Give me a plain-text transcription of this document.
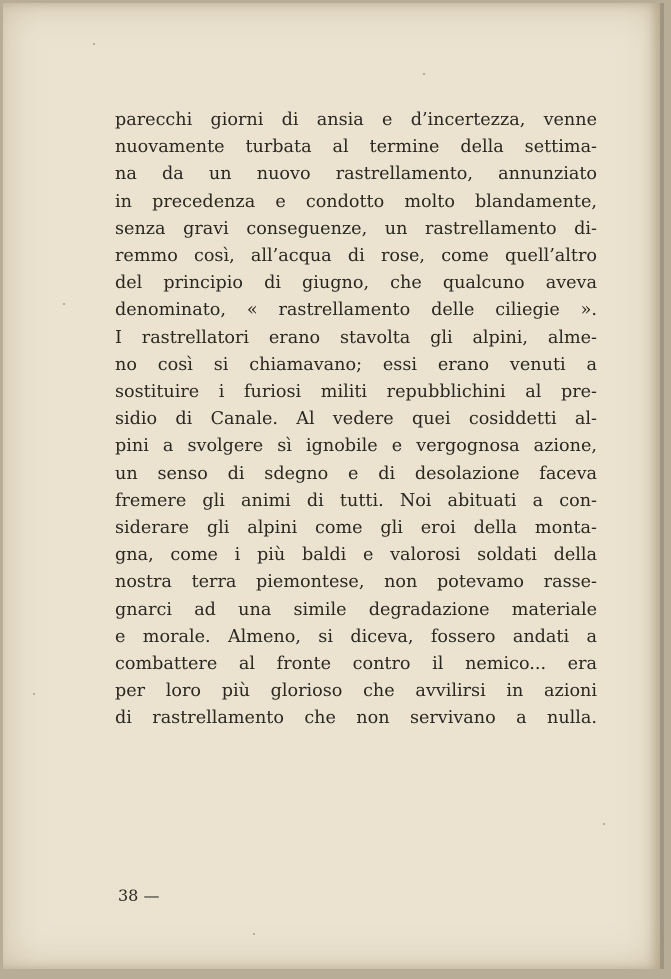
parecchi giorni di ansia e d’incertezza, venne
nuovamente turbata al termine della settima-
na da un nuovo rastrellamento, annunziato
in precedenza e condotto molto blandamente,
senza gravi conseguenze, un rastrellamento di-
remmo così, all’acqua di rose, come quell’altro
del principio di giugno, che qualcuno aveva
denominato, « rastrellamento delle ciliegie ».
I rastrellatori erano stavolta gli alpini, alme-
no così si chiamavano; essi erano venuti a
sostituire i furiosi militi repubblichini al pre-
sidio di Canale. Al vedere quei cosiddetti al-
pini a svolgere sì ignobile e vergognosa azione,
un senso di sdegno e di desolazione faceva
fremere gli animi di tutti. Noi abituati a con-
siderare gli alpini come gli eroi della monta-
gna, come i più baldi e valorosi soldati della
nostra terra piemontese, non potevamo rasse-
gnarci ad una simile degradazione materiale
e morale. Almeno, si diceva, fossero andati a
combattere al fronte contro il nemico... era
per loro più glorioso che avvilirsi in azioni
di rastrellamento che non servivano a nulla.
38 —
